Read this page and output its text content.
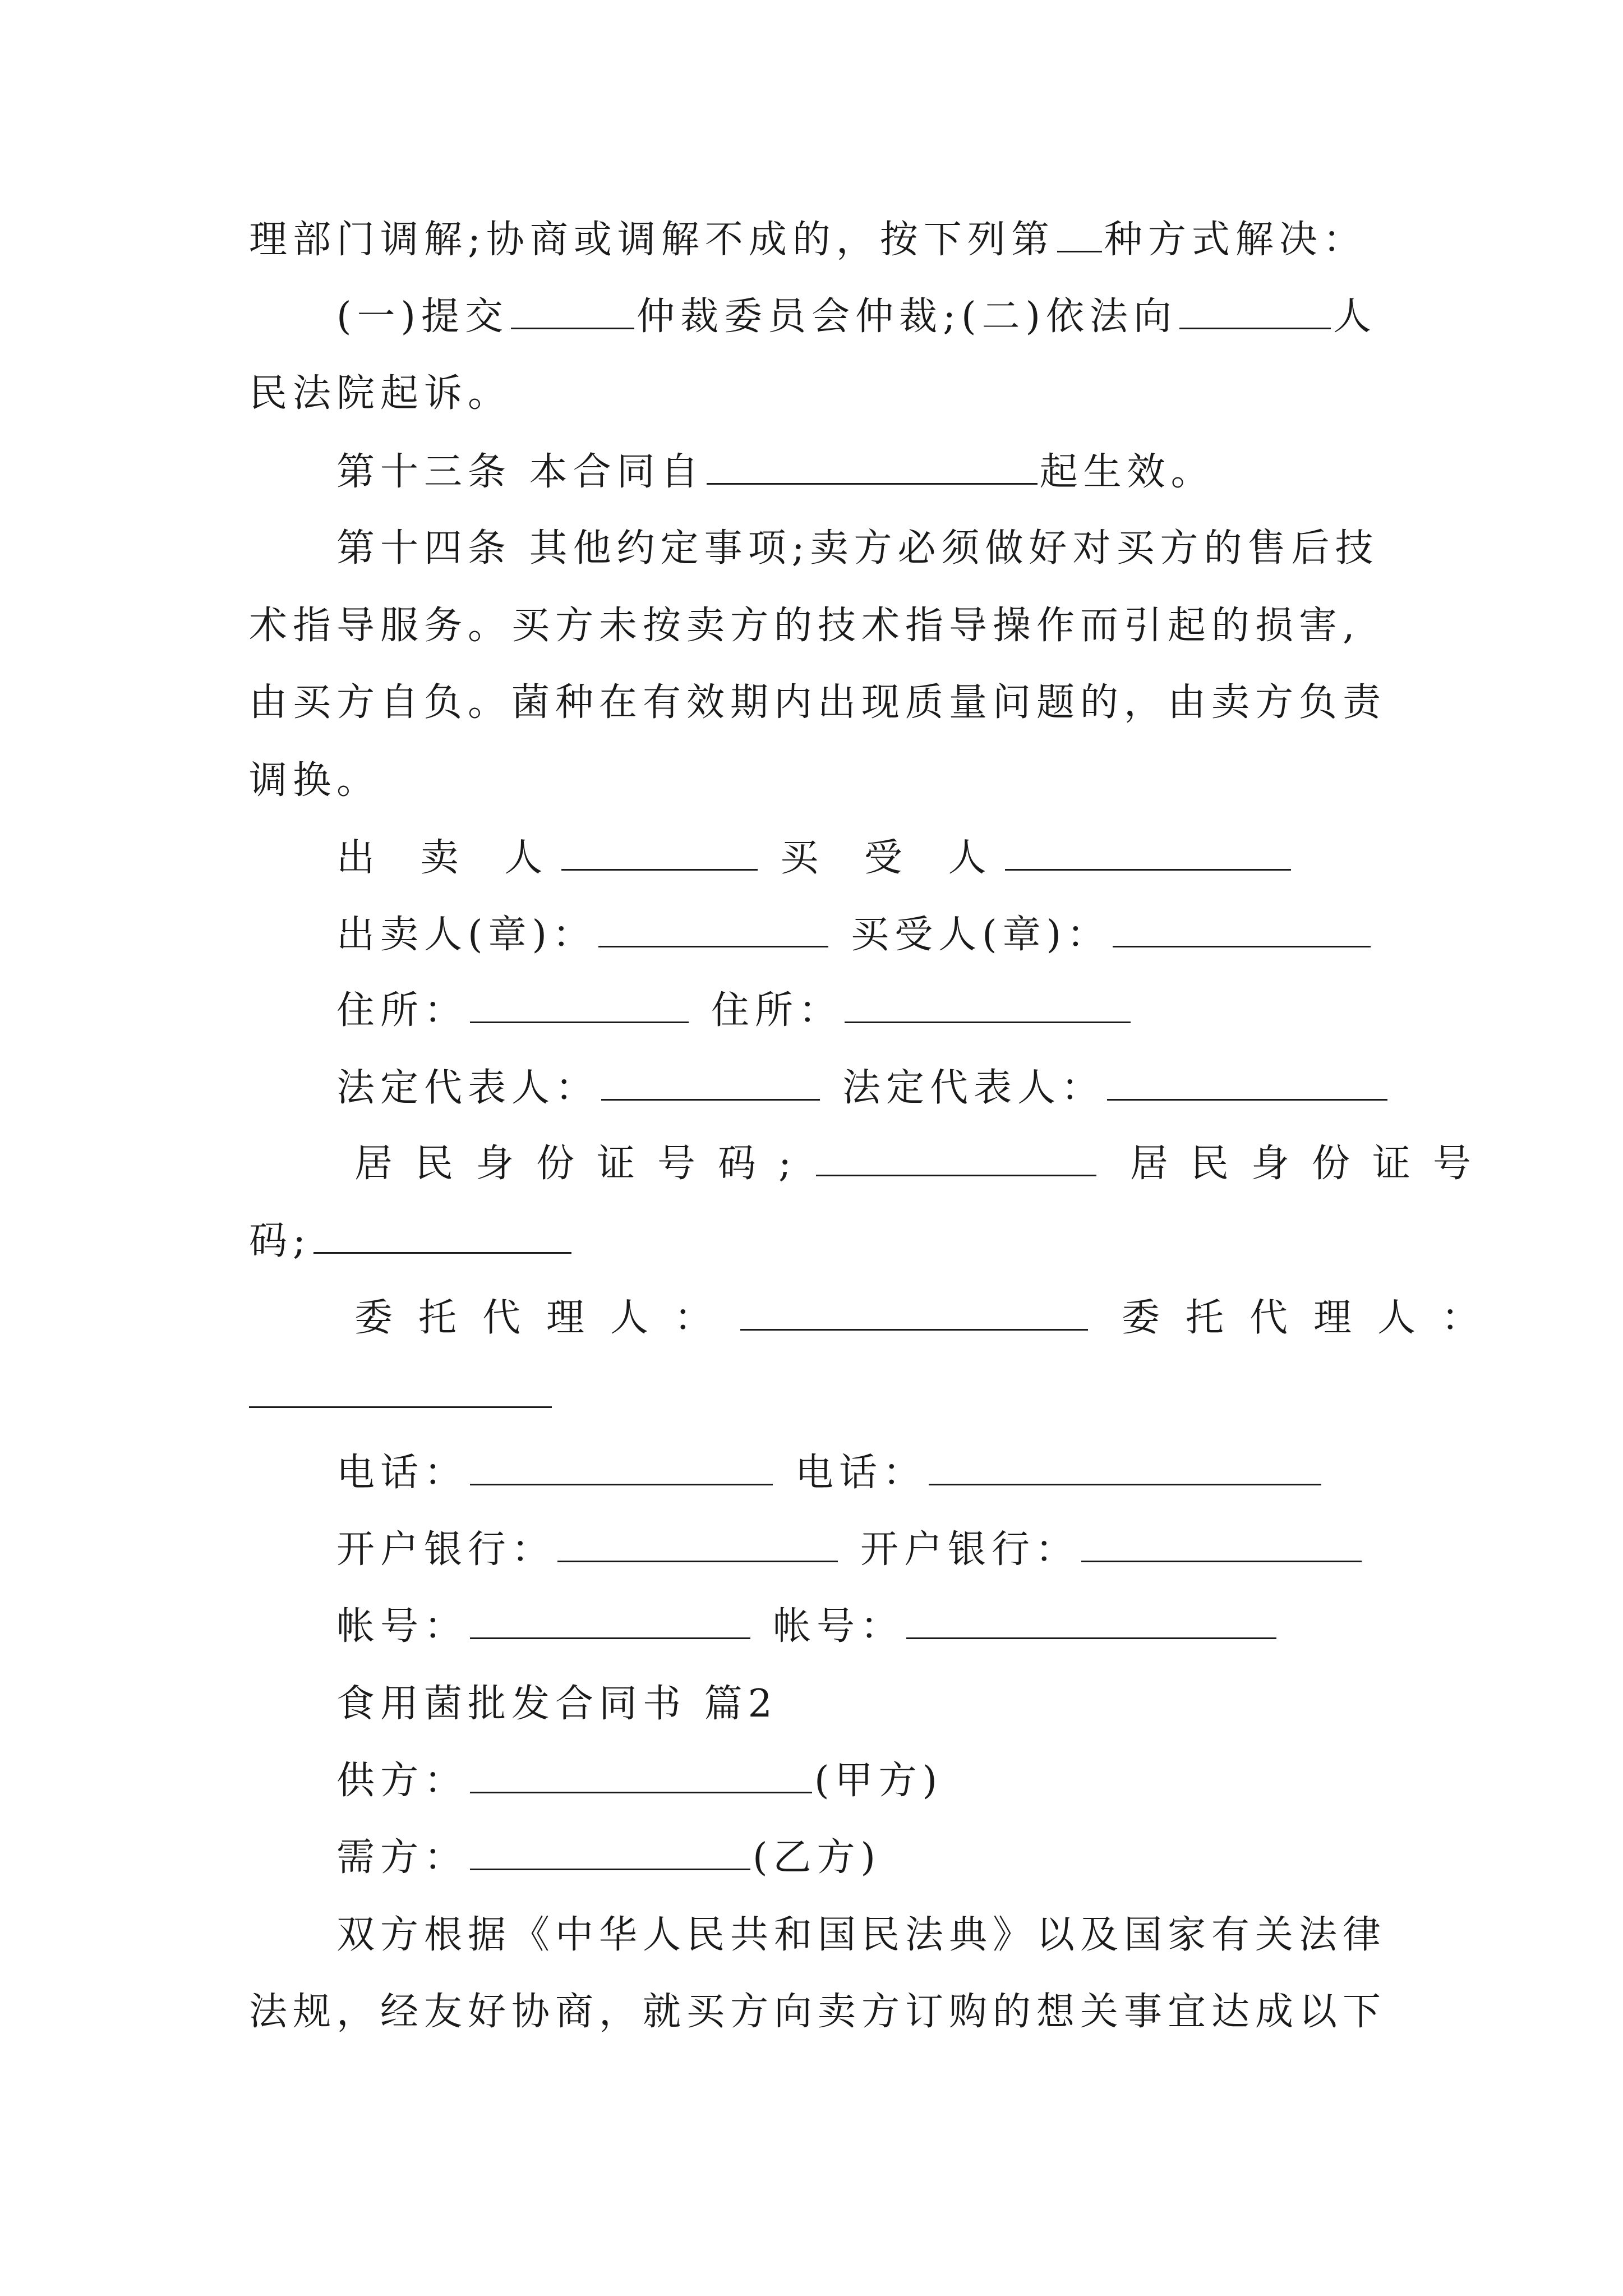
理部门调解;协商或调解不成的，按下列第 种方式解决：
(一)提交	仲裁委员会仲裁;(二)依法向	人
民法院起诉。
第十三条 本合同自	起生效。
第十四条 其他约定事项;卖方必须做好对买方的售后技
术指导服务。买方未按卖方的技术指导操作而引起的损害,
由买方自负。菌种在有效期内出现质量问题的，由卖方负责
调换。
出 卖 人	买 受 人
出卖人(章)：	买受人(章)：
住所：	住所：
法定代表人：	法定代表人：
居民身份证号码;	居民身份证号
码;
委托代理人：	委托代理人：
电话：	电话：
开户银行：	开户银行：
帐号：	帐号：
食用菌批发合同书 篇2
供方：	(甲方)
需方：	(乙方)
双方根据《中华人民共和国民法典》以及国家有关法律
法规，经友好协商，就买方向卖方订购的想关事宜达成以下
